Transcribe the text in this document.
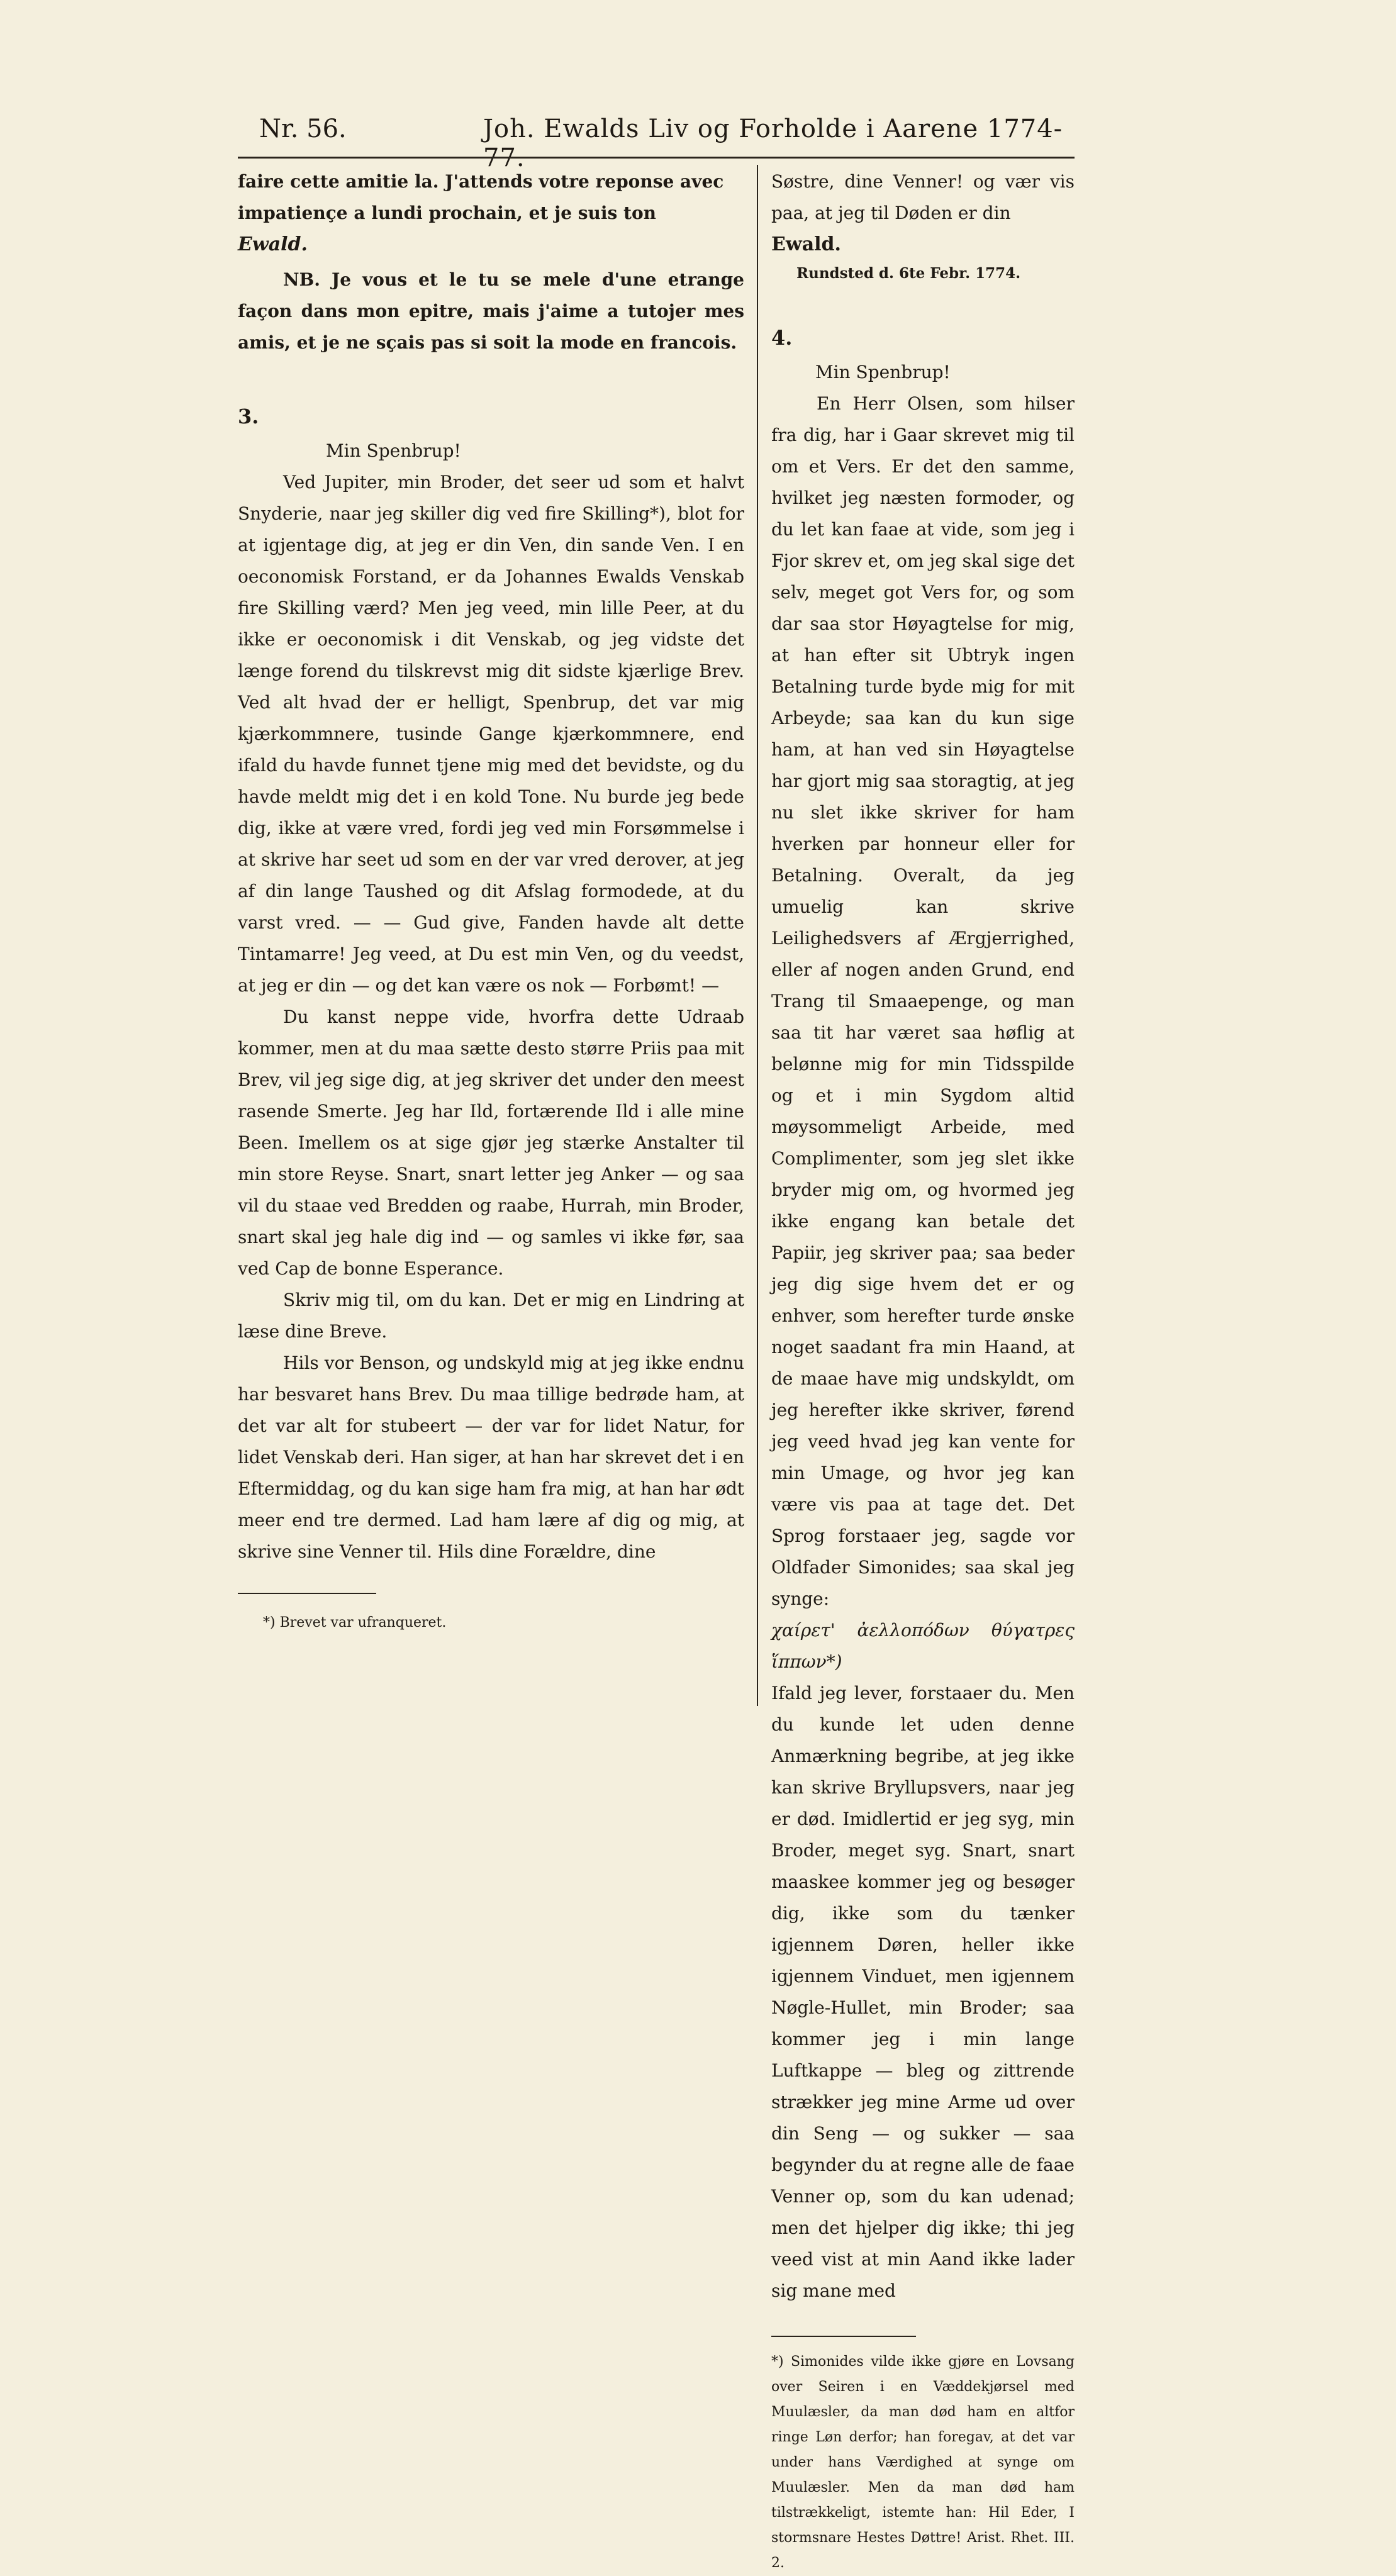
Nr. 56.	Joh. Ewalds Liv og Forholde i Aarene 1774-77.

faire cette amitie la. J'attends votre reponse avec

impatienҫe a lundi prochain, et je suis ton

Ewald.

NB. Je vous et le tu se mele d'une etrange faҫon dans mon epitre, mais j'aime a tutojer mes amis, et je ne sҫais pas si soit la mode en francois.

3.

Min Spenbrup!

Ved Jupiter, min Broder, det seer ud som et halvt Snyderie, naar jeg skiller dig ved fire Skilling*), blot for at igjentage dig, at jeg er din Ven, din sande Ven. I en oeconomisk Forstand, er da Johannes Ewalds Venskab fire Skilling værd? Men jeg veed, min lille Peer, at du ikke er oeconomisk i dit Venskab, og jeg vidste det længe forend du tilskrevst mig dit sidste kjærlige Brev. Ved alt hvad der er helligt, Spenbrup, det var mig kjærkommnere, tusinde Gange kjærkommnere, end ifald du havde funnet tjene mig med det bevidste, og du havde meldt mig det i en kold Tone. Nu burde jeg bede dig, ikke at være vred, fordi jeg ved min Forsømmelse i at skrive har seet ud som en der var vred derover, at jeg af din lange Taushed og dit Afslag formodede, at du varst vred. — — Gud give, Fanden havde alt dette Tintamarre! Jeg veed, at Du est min Ven, og du veedst, at jeg er din — og det kan være os nok — Forbømt! —

Du kanst neppe vide, hvorfra dette Udraab kommer, men at du maa sætte desto større Priis paa mit Brev, vil jeg sige dig, at jeg skriver det under den meest rasende Smerte. Jeg har Ild, fortærende Ild i alle mine Been. Imellem os at sige gjør jeg stærke Anstalter til min store Reyse. Snart, snart letter jeg Anker — og saa vil du staae ved Bredden og raabe, Hurrah, min Broder, snart skal jeg hale dig ind — og samles vi ikke før, saa ved Cap de bonne Esperance.

Skriv mig til, om du kan. Det er mig en Lindring at læse dine Breve.

Hils vor Benson, og undskyld mig at jeg ikke endnu har besvaret hans Brev. Du maa tillige bedrøde ham, at det var alt for stubeert — der var for lidet Natur, for lidet Venskab deri. Han siger, at han har skrevet det i en Eftermiddag, og du kan sige ham fra mig, at han har ødt meer end tre dermed. Lad ham lære af dig og mig, at skrive sine Venner til. Hils dine Forældre, dine

*) Brevet var ufranqueret.

Søstre, dine Venner! og vær vis paa, at jeg til Døden er din

Ewald.

Rundsted d. 6te Febr. 1774.

4.

Min Spenbrup!

En Herr Olsen, som hilser fra dig, har i Gaar skrevet mig til om et Vers. Er det den samme, hvilket jeg næsten formoder, og du let kan faae at vide, som jeg i Fjor skrev et, om jeg skal sige det selv, meget got Vers for, og som dar saa stor Høyagtelse for mig, at han efter sit Ubtryk ingen Betalning turde byde mig for mit Arbeyde; saa kan du kun sige ham, at han ved sin Høyagtelse har gjort mig saa storagtig, at jeg nu slet ikke skriver for ham hverken par honneur eller for Betalning. Overalt, da jeg umuelig kan skrive Leilighedsvers af Ærgjerrighed, eller af nogen anden Grund, end Trang til Smaaepenge, og man saa tit har været saa høflig at belønne mig for min Tidsspilde og et i min Sygdom altid møysommeligt Arbeide, med Complimenter, som jeg slet ikke bryder mig om, og hvormed jeg ikke engang kan betale det Papiir, jeg skriver paa; saa beder jeg dig sige hvem det er og enhver, som herefter turde ønske noget saadant fra min Haand, at de maae have mig undskyldt, om jeg herefter ikke skriver, førend jeg veed hvad jeg kan vente for min Umage, og hvor jeg kan være vis paa at tage det. Det Sprog forstaaer jeg, sagde vor Oldfader Simonides; saa skal jeg synge:

χαίρετ' ἀελλοπόδων θύγατρες ἵππων*)

Ifald jeg lever, forstaaer du. Men du kunde let uden denne Anmærkning begribe, at jeg ikke kan skrive Bryllupsvers, naar jeg er død. Imidlertid er jeg syg, min Broder, meget syg. Snart, snart maaskee kommer jeg og besøger dig, ikke som du tænker igjennem Døren, heller ikke igjennem Vinduet, men igjennem Nøgle-Hullet, min Broder; saa kommer jeg i min lange Luftkappe — bleg og zittrende strækker jeg mine Arme ud over din Seng — og sukker — saa begynder du at regne alle de faae Venner op, som du kan udenad; men det hjelper dig ikke; thi jeg veed vist at min Aand ikke lader sig mane med

*) Simonides vilde ikke gjøre en Lovsang over Seiren i en Væddekjørsel med Muulæsler, da man død ham en altfor ringe Løn derfor; han foregav, at det var under hans Værdighed at synge om Muulæsler. Men da man død ham tilstrækkeligt, istemte han: Hil Eder, I stormsnare Hestes Døttre! Arist. Rhet. III. 2.
